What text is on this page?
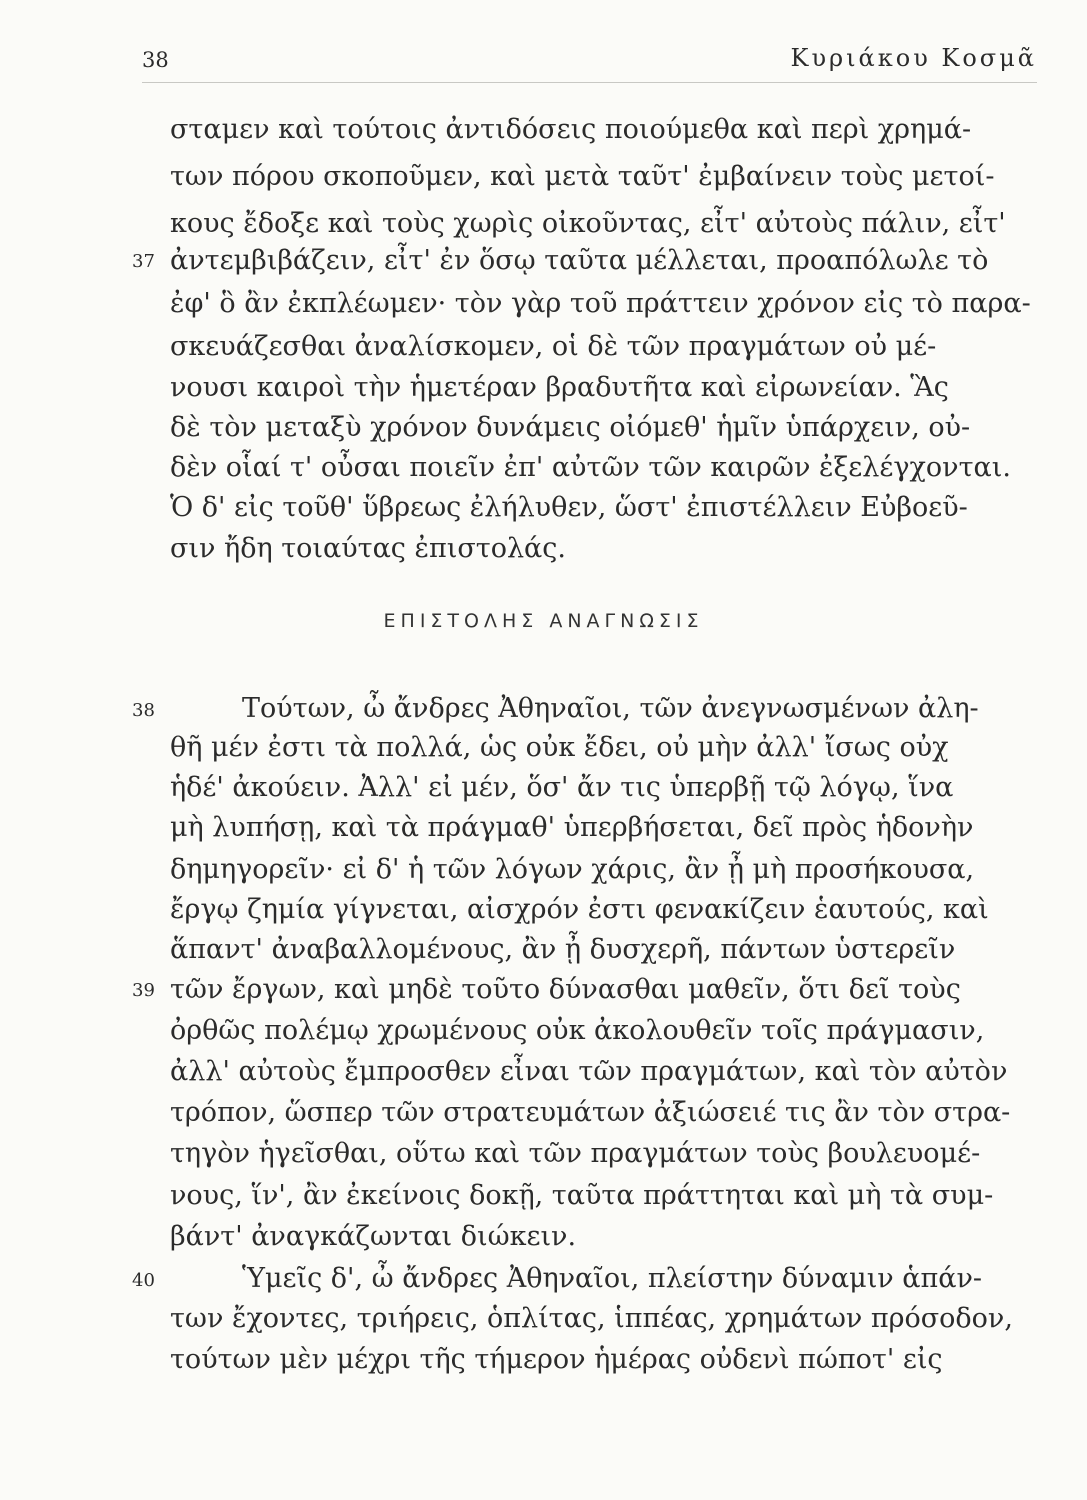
38	Κυριάκου Κοσμᾶ
σταμεν καὶ τούτοις ἀντιδόσεις ποιούμεθα καὶ περὶ χρημά-
των πόρου σκοποῦμεν, καὶ μετὰ ταῦτ' ἐμβαίνειν τοὺς μετοί-
κους ἔδοξε καὶ τοὺς χωρὶς οἰκοῦντας, εἶτ' αὐτοὺς πάλιν, εἶτ'
37 ἀντεμβιβάζειν, εἶτ' ἐν ὅσῳ ταῦτα μέλλεται, προαπόλωλε τὸ
ἐφ' ὃ ἂν ἐκπλέωμεν· τὸν γὰρ τοῦ πράττειν χρόνον εἰς τὸ παρα-
σκευάζεσθαι ἀναλίσκομεν, οἱ δὲ τῶν πραγμάτων οὐ μέ-
νουσι καιροὶ τὴν ἡμετέραν βραδυτῆτα καὶ εἰρωνείαν. Ἃς
δὲ τὸν μεταξὺ χρόνον δυνάμεις οἰόμεθ' ἡμῖν ὑπάρχειν, οὐ-
δὲν οἷαί τ' οὖσαι ποιεῖν ἐπ' αὐτῶν τῶν καιρῶν ἐξελέγχονται.
Ὁ δ' εἰς τοῦθ' ὕβρεως ἐλήλυθεν, ὥστ' ἐπιστέλλειν Εὐβοεῦ-
σιν ἤδη τοιαύτας ἐπιστολάς.
ΕΠΙΣΤΟΛΗΣ ΑΝΑΓΝΩΣΙΣ
38	Τούτων, ὦ ἄνδρες Ἀθηναῖοι, τῶν ἀνεγνωσμένων ἀλη-
θῆ μέν ἐστι τὰ πολλά, ὡς οὐκ ἔδει, οὐ μὴν ἀλλ' ἴσως οὐχ
ἡδέ' ἀκούειν. Ἀλλ' εἰ μέν, ὅσ' ἄν τις ὑπερβῇ τῷ λόγῳ, ἵνα
μὴ λυπήσῃ, καὶ τὰ πράγμαθ' ὑπερβήσεται, δεῖ πρὸς ἡδονὴν
δημηγορεῖν· εἰ δ' ἡ τῶν λόγων χάρις, ἂν ᾖ μὴ προσήκουσα,
ἔργῳ ζημία γίγνεται, αἰσχρόν ἐστι φενακίζειν ἑαυτούς, καὶ
ἅπαντ' ἀναβαλλομένους, ἂν ᾖ δυσχερῆ, πάντων ὑστερεῖν
39 τῶν ἔργων, καὶ μηδὲ τοῦτο δύνασθαι μαθεῖν, ὅτι δεῖ τοὺς
ὀρθῶς πολέμῳ χρωμένους οὐκ ἀκολουθεῖν τοῖς πράγμασιν,
ἀλλ' αὐτοὺς ἔμπροσθεν εἶναι τῶν πραγμάτων, καὶ τὸν αὐτὸν
τρόπον, ὥσπερ τῶν στρατευμάτων ἀξιώσειέ τις ἂν τὸν στρα-
τηγὸν ἡγεῖσθαι, οὕτω καὶ τῶν πραγμάτων τοὺς βουλευομέ-
νους, ἵν', ἂν ἐκείνοις δοκῇ, ταῦτα πράττηται καὶ μὴ τὰ συμ-
βάντ' ἀναγκάζωνται διώκειν.
40	Ὑμεῖς δ', ὦ ἄνδρες Ἀθηναῖοι, πλείστην δύναμιν ἁπάν-
των ἔχοντες, τριήρεις, ὁπλίτας, ἱππέας, χρημάτων πρόσοδον,
τούτων μὲν μέχρι τῆς τήμερον ἡμέρας οὐδενὶ πώποτ' εἰς
